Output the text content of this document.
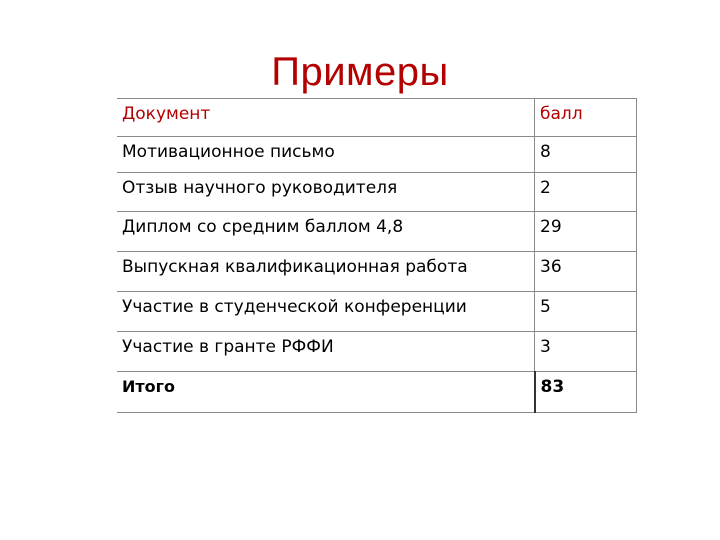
Примеры
Документ	балл
Мотивационное письмо	8
Отзыв научного руководителя	2
Диплом со средним баллом 4,8	29
Выпускная квалификационная работа	36
Участие в студенческой конференции	5
Участие в гранте РФФИ	3
Итого	83
